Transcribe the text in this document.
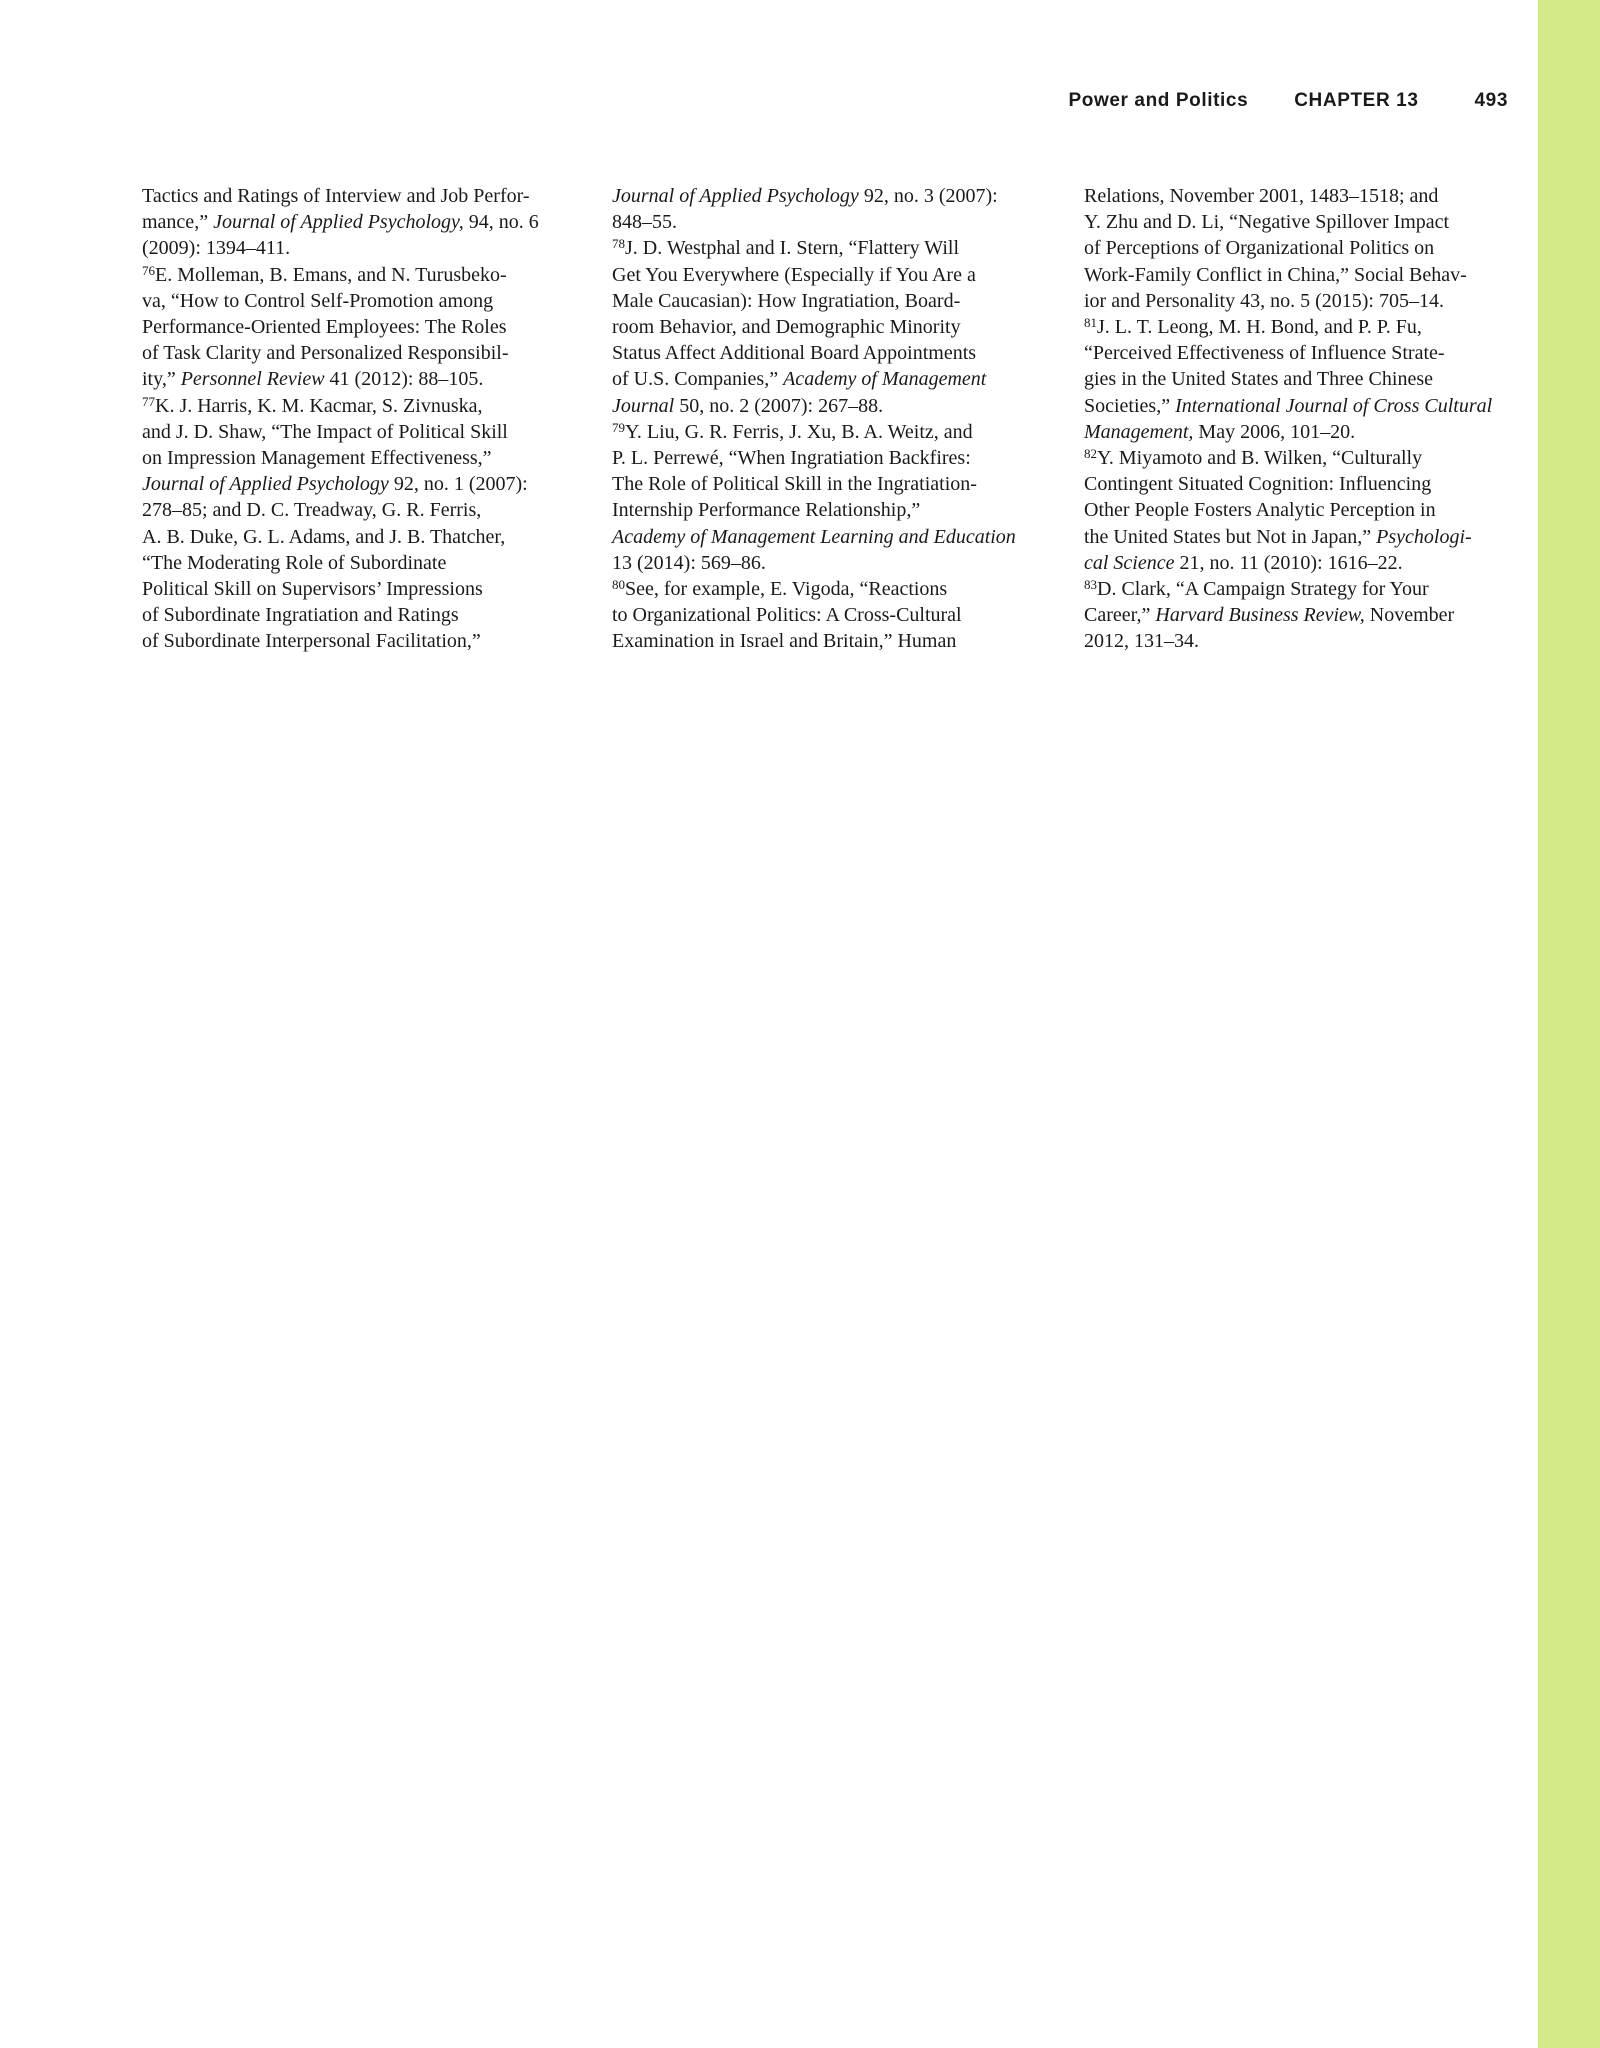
Power and Politics CHAPTER 13	493
Tactics and Ratings of Interview and Job Perfor-
mance,” Journal of Applied Psychology, 94, no. 6
(2009): 1394–411.
$^{76}$E. Molleman, B. Emans, and N. Turusbeko-
va, “How to Control Self-Promotion among
Performance-Oriented Employees: The Roles
of Task Clarity and Personalized Responsibil-
ity,” Personnel Review 41 (2012): 88–105.
$^{77}$K. J. Harris, K. M. Kacmar, S. Zivnuska,
and J. D. Shaw, “The Impact of Political Skill
on Impression Management Effectiveness,”
Journal of Applied Psychology 92, no. 1 (2007):
278–85; and D. C. Treadway, G. R. Ferris,
A. B. Duke, G. L. Adams, and J. B. Thatcher,
“The Moderating Role of Subordinate
Political Skill on Supervisors’ Impressions
of Subordinate Ingratiation and Ratings
of Subordinate Interpersonal Facilitation,”
Journal of Applied Psychology 92, no. 3 (2007):
848–55.
$^{78}$J. D. Westphal and I. Stern, “Flattery Will
Get You Everywhere (Especially if You Are a
Male Caucasian): How Ingratiation, Board-
room Behavior, and Demographic Minority
Status Affect Additional Board Appointments
of U.S. Companies,” Academy of Management
Journal 50, no. 2 (2007): 267–88.
$^{79}$Y. Liu, G. R. Ferris, J. Xu, B. A. Weitz, and
P. L. Perrewé, “When Ingratiation Backfires:
The Role of Political Skill in the Ingratiation-
Internship Performance Relationship,”
Academy of Management Learning and Education
13 (2014): 569–86.
$^{80}$See, for example, E. Vigoda, “Reactions
to Organizational Politics: A Cross-Cultural
Examination in Israel and Britain,” Human
Relations, November 2001, 1483–1518; and
Y. Zhu and D. Li, “Negative Spillover Impact
of Perceptions of Organizational Politics on
Work-Family Conflict in China,” Social Behav-
ior and Personality 43, no. 5 (2015): 705–14.
$^{81}$J. L. T. Leong, M. H. Bond, and P. P. Fu,
“Perceived Effectiveness of Influence Strate-
gies in the United States and Three Chinese
Societies,” International Journal of Cross Cultural
Management, May 2006, 101–20.
$^{82}$Y. Miyamoto and B. Wilken, “Culturally
Contingent Situated Cognition: Influencing
Other People Fosters Analytic Perception in
the United States but Not in Japan,” Psychologi-
cal Science 21, no. 11 (2010): 1616–22.
$^{83}$D. Clark, “A Campaign Strategy for Your
Career,” Harvard Business Review, November
2012, 131–34.
